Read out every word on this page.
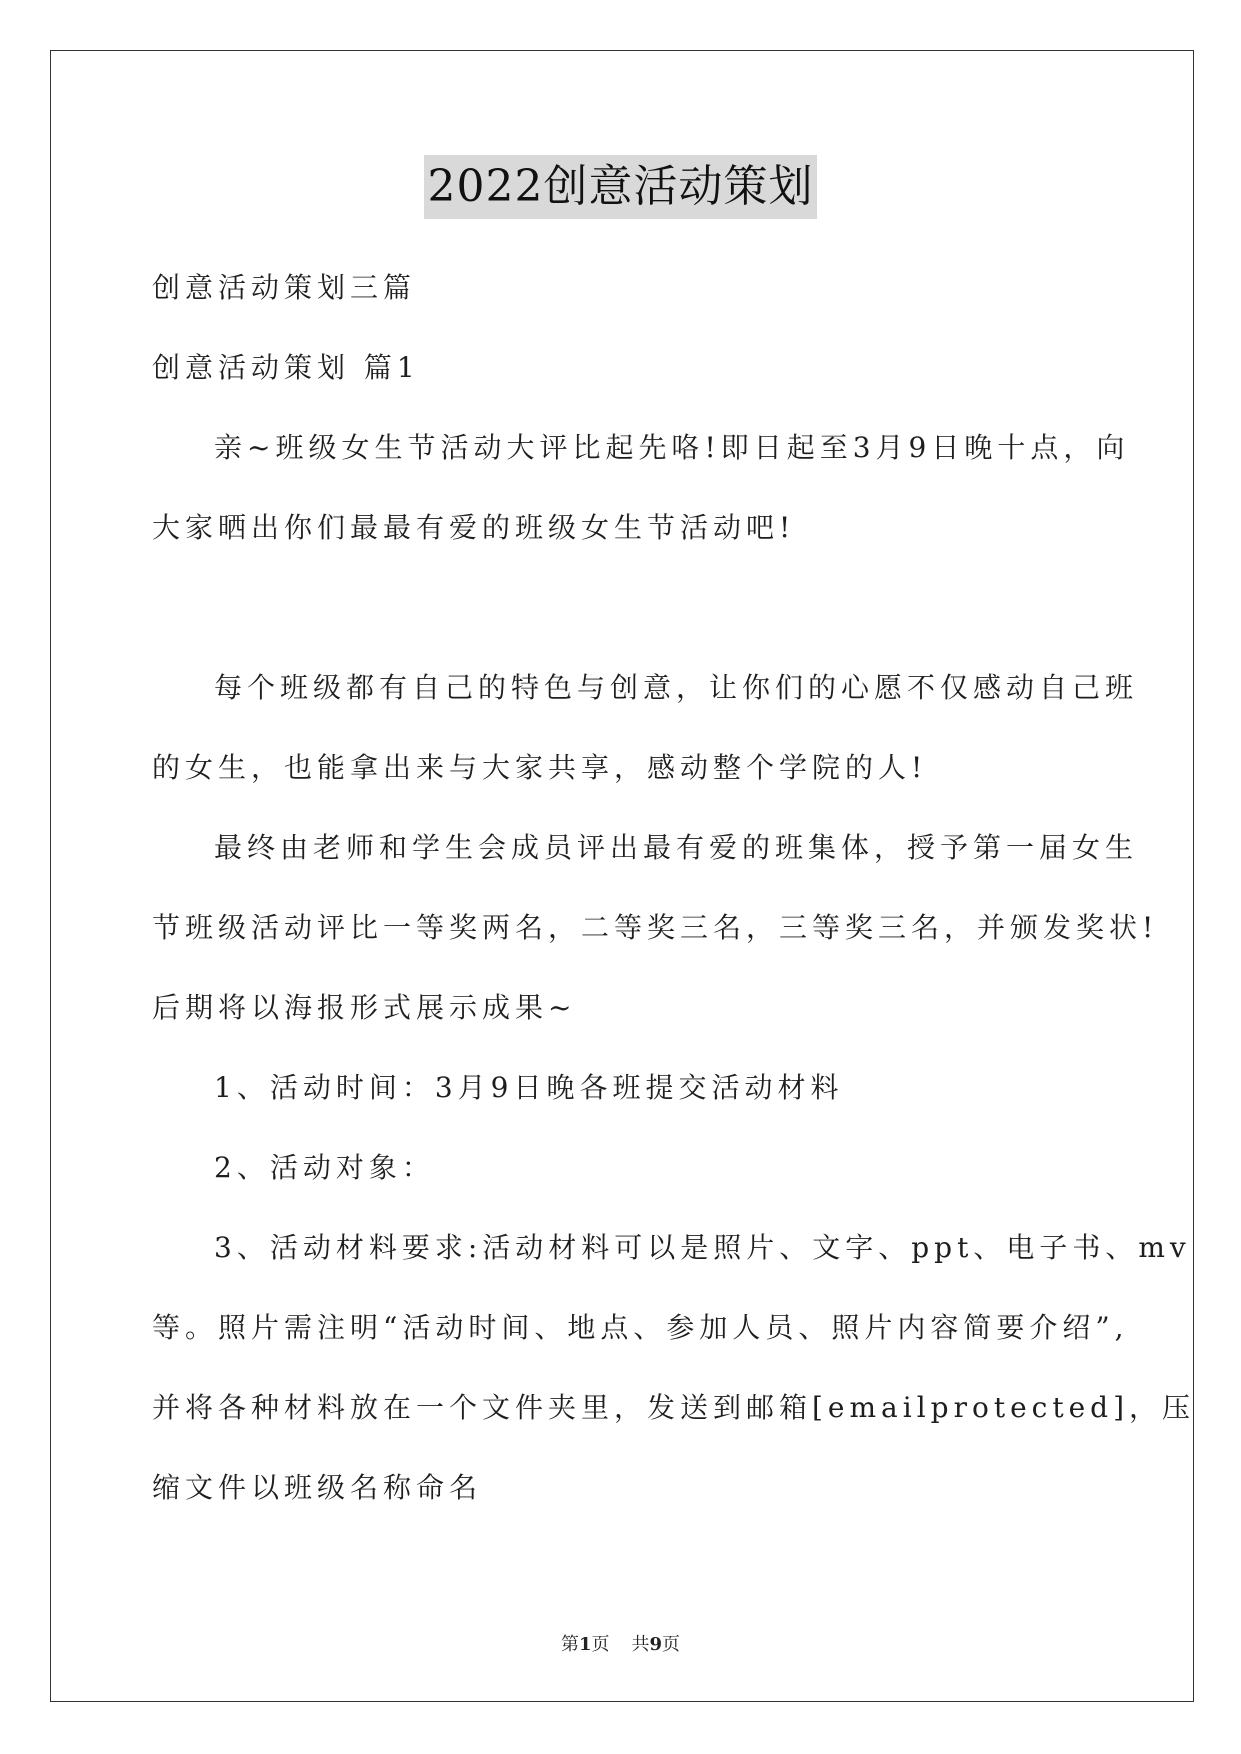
2022创意活动策划
创意活动策划三篇
创意活动策划 篇1
亲~班级女生节活动大评比起先咯!即日起至3月9日晚十点，向
大家晒出你们最最有爱的班级女生节活动吧!
每个班级都有自己的特色与创意，让你们的心愿不仅感动自己班
的女生，也能拿出来与大家共享，感动整个学院的人!
最终由老师和学生会成员评出最有爱的班集体，授予第一届女生
节班级活动评比一等奖两名，二等奖三名，三等奖三名，并颁发奖状!
后期将以海报形式展示成果~
1、活动时间：3月9日晚各班提交活动材料
2、活动对象：
3、活动材料要求:活动材料可以是照片、文字、ppt、电子书、mv
等。照片需注明“活动时间、地点、参加人员、照片内容简要介绍”,
并将各种材料放在一个文件夹里，发送到邮箱[emailprotected]，压
缩文件以班级名称命名
第1页 共9页
